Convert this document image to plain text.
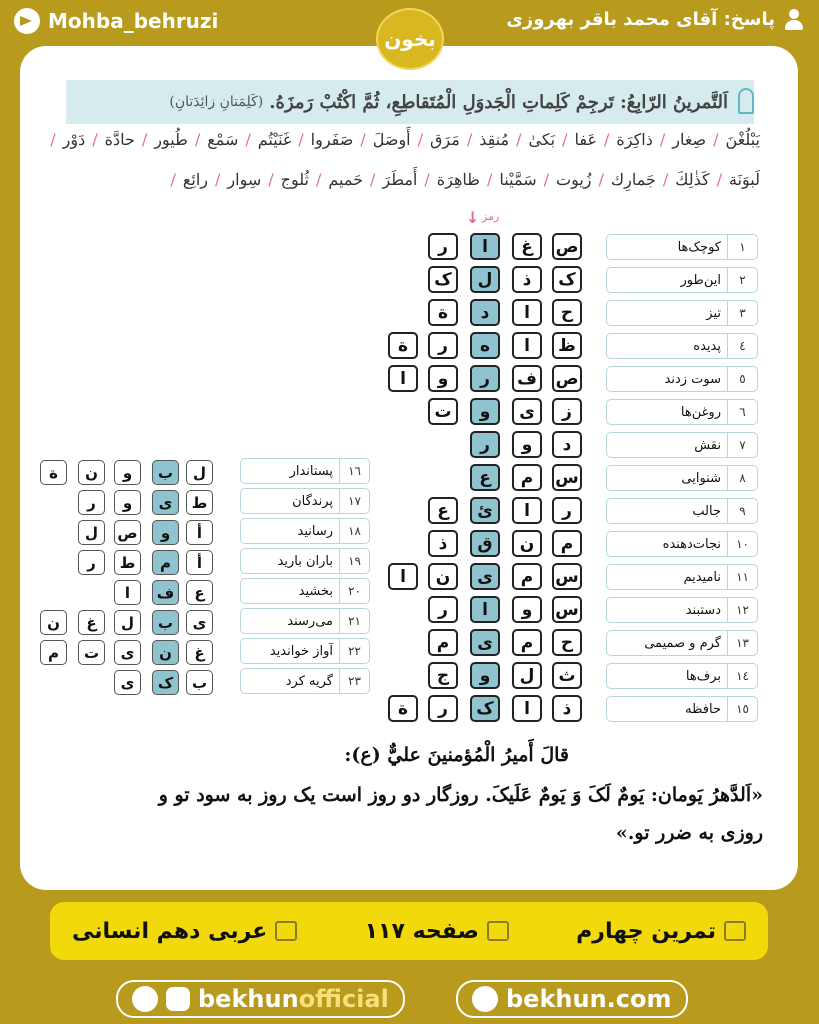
Mohba_behruzi	پاسخ: آقای محمد باقر بهروزی
بخون
اَلتَّمرینُ الرّابِعُ: تَرجِمْ کَلِماتِ الْجَدوَلِ الْمُتَقاطِعِ، ثُمَّ اكْتُبْ رَمزَهُ.
(کَلِمَتانِ زائِدَتانِ)
يَبْلُغْنَ/صِغار/ذاكِرَة/عَفا/بَكىٰ/مُنقِذ/مَرَق/أَوصَلَ/صَفَروا/غَنَيْتُم/سَمْع/طُيور/حادَّة/دَوْر/
لَبوَنَة/كَذٰلِكَ/جَمارِك/زُيوت/سَمَّيْنا/ظاهِرَة/أَمطَرَ/حَميم/ثُلوج/سِوار/رائِع/
↓ رمز
١
کوچک‌ها
٢
این‌طور
٣
تیز
٤
پدیده
٥
سوت زدند
٦
روغن‌ها
٧
نقش
٨
شنوایی
٩
جالب
١٠
نجات‌دهنده
١١
نامیدیم
١٢
دستبند
١٣
گرم و صمیمی
١٤
برف‌ها
١٥
حافظه
١٦
پستاندار
١٧
پرندگان
١٨
رسانید
١٩
باران بارید
٢٠
بخشید
٢١
می‌رسند
٢٢
آواز خواندید
٢٣
گریه کرد
ص
غ
ا
ر
ک
ذ
ل
ک
ح
ا
د
ة
ظ
ا
ه
ر
ة
ص
ف
ر
و
ا
ز
ی
و
ت
د
و
ر
س
م
ع
ر
ا
ئ
ع
م
ن
ق
ذ
س
م
ی
ن
ا
س
و
ا
ر
ح
م
ی
م
ث
ل
و
ج
ذ
ا
ک
ر
ة
ل
ب
و
ن
ة
ط
ی
و
ر
أ
و
ص
ل
أ
م
ط
ر
ع
ف
ا
ی
ب
ل
غ
ن
غ
ن
ی
ت
م
ب
ک
ی
قالَ أَميرُ الْمُؤمنينَ عليٌّ (ع):
«اَلدَّهرُ يَومان: يَومٌ لَکَ وَ يَومٌ عَلَيکَ. روزگار دو روز است یک روز به سود تو و
روزی به ضرر تو.»
تمرین چهارم
صفحه ۱۱۷
عربی دهم انسانی
bekhunofficial	bekhun.com
